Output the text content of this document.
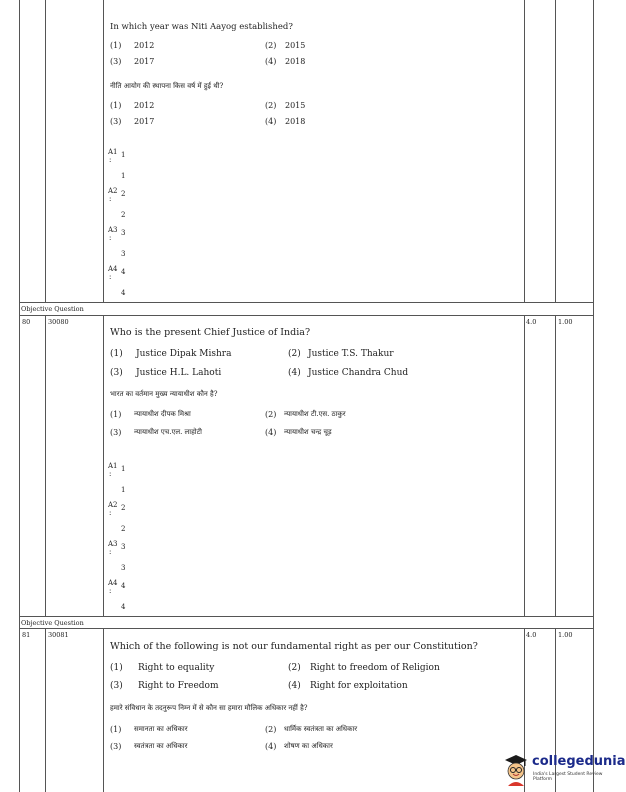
In which year was Niti Aayog established?
(1) 2012	(2) 2015
(3) 2017	(4) 2018
नीति आयोग की स्थापना किस वर्ष में हुई थी?
(1) 2012	(2) 2015
(3) 2017	(4) 2018
A1 1
:
1
A2 2
:
2
A3 3
:
3
A4 4
:
4
Objective Question
80	30080	4.0	1.00
Who is the present Chief Justice of India?
(1) Justice Dipak Mishra	(2) Justice T.S. Thakur
(3) Justice H.L. Lahoti	(4) Justice Chandra Chud
भारत का वर्तमान मुख्य न्यायाधीश कौन है?
(1) न्यायाधीश दीपक मिश्रा	(2) न्यायाधीश टी.एस. ठाकुर
(3) न्यायाधीश एच.एल. लाहोटी	(4) न्यायाधीश चन्द्र चूड़
A1 1
:
1
A2 2
:
2
A3 3
:
3
A4 4
:
4
Objective Question
81	30081	4.0	1.00
Which of the following is not our fundamental right as per our Constitution?
(1) Right to equality	(2) Right to freedom of Religion
(3) Right to Freedom	(4) Right for exploitation
हमारे संविधान के तदनुरूप निम्न में से कौन सा हमारा मौलिक अधिकार नहीं है?
(1) समानता का अधिकार	(2) धार्मिक स्वतंत्रता का अधिकार
(3) स्वतंत्रता का अधिकार	(4) शोषण का अधिकार
collegedunia
India's Largest Student Review Platform
